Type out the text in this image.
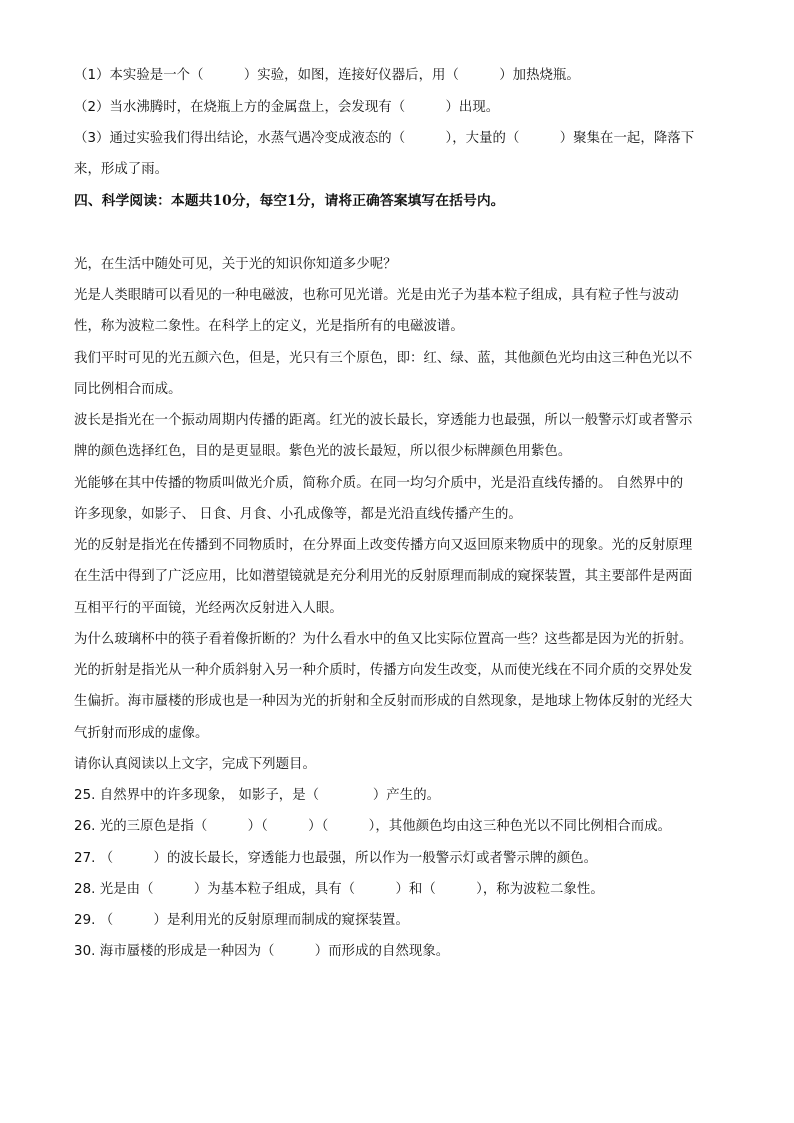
（1）本实验是一个（　　　）实验，如图，连接好仪器后，用（　　　）加热烧瓶。
（2）当水沸腾时，在烧瓶上方的金属盘上，会发现有（　　　）出现。
（3）通过实验我们得出结论，水蒸气遇冷变成液态的（　　　），大量的（　　　）聚集在一起，降落下
来，形成了雨。
四、科学阅读：本题共10分，每空1分，请将正确答案填写在括号内。
光，在生活中随处可见，关于光的知识你知道多少呢？
光是人类眼睛可以看见的一种电磁波，也称可见光谱。光是由光子为基本粒子组成，具有粒子性与波动
性，称为波粒二象性。在科学上的定义，光是指所有的电磁波谱。
我们平时可见的光五颜六色，但是，光只有三个原色，即：红、绿、蓝，其他颜色光均由这三种色光以不
同比例相合而成。
波长是指光在一个振动周期内传播的距离。红光的波长最长，穿透能力也最强，所以一般警示灯或者警示
牌的颜色选择红色，目的是更显眼。紫色光的波长最短，所以很少标牌颜色用紫色。
光能够在其中传播的物质叫做光介质，简称介质。在同一均匀介质中，光是沿直线传播的。 自然界中的
许多现象，如影子、 日食、月食、小孔成像等，都是光沿直线传播产生的。
光的反射是指光在传播到不同物质时，在分界面上改变传播方向又返回原来物质中的现象。光的反射原理
在生活中得到了广泛应用，比如潜望镜就是充分利用光的反射原理而制成的窥探装置，其主要部件是两面
互相平行的平面镜，光经两次反射进入人眼。
为什么玻璃杯中的筷子看着像折断的？为什么看水中的鱼又比实际位置高一些？这些都是因为光的折射。
光的折射是指光从一种介质斜射入另一种介质时，传播方向发生改变，从而使光线在不同介质的交界处发
生偏折。海市蜃楼的形成也是一种因为光的折射和全反射而形成的自然现象，是地球上物体反射的光经大
气折射而形成的虚像。
请你认真阅读以上文字，完成下列题目。
25. 自然界中的许多现象， 如影子，是（　　　　）产生的。
26. 光的三原色是指（　　　）（　　　）（　　　），其他颜色均由这三种色光以不同比例相合而成。
27. （　　　）的波长最长，穿透能力也最强，所以作为一般警示灯或者警示牌的颜色。
28. 光是由（　　　）为基本粒子组成，具有（　　　）和（　　　），称为波粒二象性。
29. （　　　）是利用光的反射原理而制成的窥探装置。
30. 海市蜃楼的形成是一种因为（　　　）而形成的自然现象。
